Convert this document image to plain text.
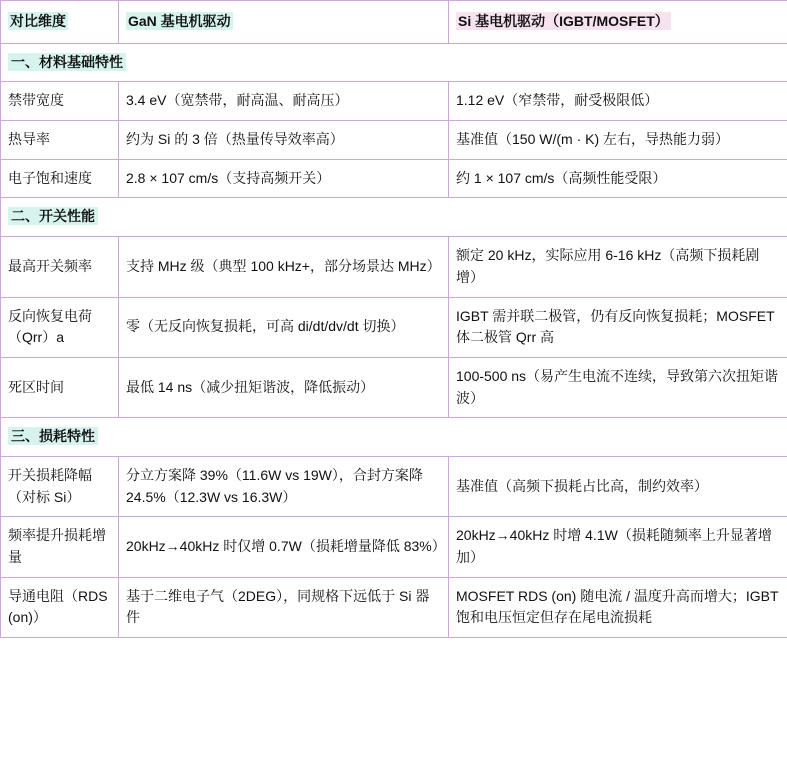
对比维度	GaN 基电机驱动	Si 基电机驱动（IGBT/MOSFET）
一、材料基础特性		
禁带宽度	3.4 eV（宽禁带，耐高温、耐高压）	1.12 eV（窄禁带，耐受极限低）
热导率	约为 Si 的 3 倍（热量传导效率高）	基准值（150 W/(m · K) 左右，导热能力弱）
电子饱和速度	2.8 × 107 cm/s（支持高频开关）	约 1 × 107 cm/s（高频性能受限）
二、开关性能		
最高开关频率	支持 MHz 级（典型 100 kHz+，部分场景达 MHz）	额定 20 kHz，实际应用 6-16 kHz（高频下损耗剧增）
反向恢复电荷（Qrr）a	零（无反向恢复损耗，可高 di/dt/dv/dt 切换）	IGBT 需并联二极管，仍有反向恢复损耗；MOSFET 体二极管 Qrr 高
死区时间	最低 14 ns（减少扭矩谐波，降低振动）	100-500 ns（易产生电流不连续，导致第六次扭矩谐波）
三、损耗特性		
开关损耗降幅（对标 Si）	分立方案降 39%（11.6W vs 19W），合封方案降 24.5%（12.3W vs 16.3W）	基准值（高频下损耗占比高，制约效率）
频率提升损耗增量	20kHz→40kHz 时仅增 0.7W（损耗增量降低 83%）	20kHz→40kHz 时增 4.1W（损耗随频率上升显著增加）
导通电阻（RDS (on)）	基于二维电子气（2DEG），同规格下远低于 Si 器件	MOSFET RDS (on) 随电流 / 温度升高而增大；IGBT 饱和电压恒定但存在尾电流损耗
